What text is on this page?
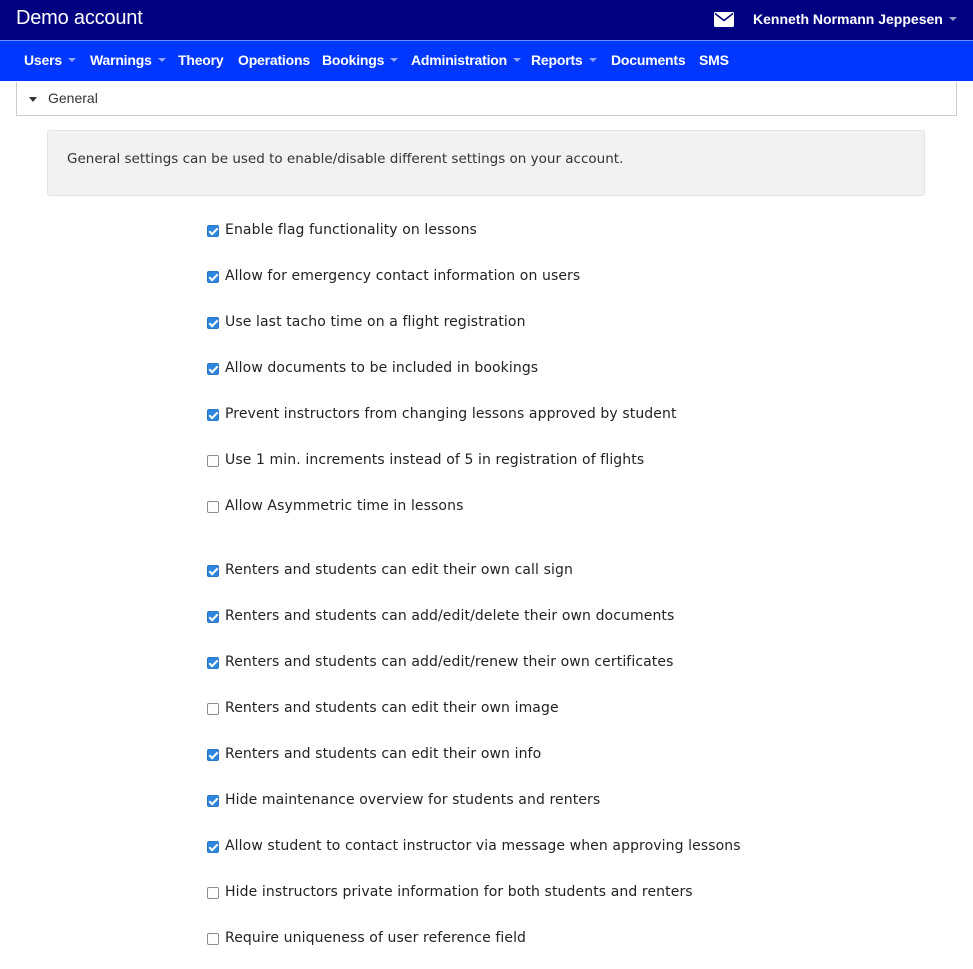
Demo account	Kenneth Normann Jeppesen
Users	Warnings	Theory Operations Bookings	Administration	Reports	Documents SMS
General
General settings can be used to enable/disable different settings on your account.
Enable flag functionality on lessons
Allow for emergency contact information on users
Use last tacho time on a flight registration
Allow documents to be included in bookings
Prevent instructors from changing lessons approved by student
Use 1 min. increments instead of 5 in registration of flights
Allow Asymmetric time in lessons
Renters and students can edit their own call sign
Renters and students can add/edit/delete their own documents
Renters and students can add/edit/renew their own certificates
Renters and students can edit their own image
Renters and students can edit their own info
Hide maintenance overview for students and renters
Allow student to contact instructor via message when approving lessons
Hide instructors private information for both students and renters
Require uniqueness of user reference field
